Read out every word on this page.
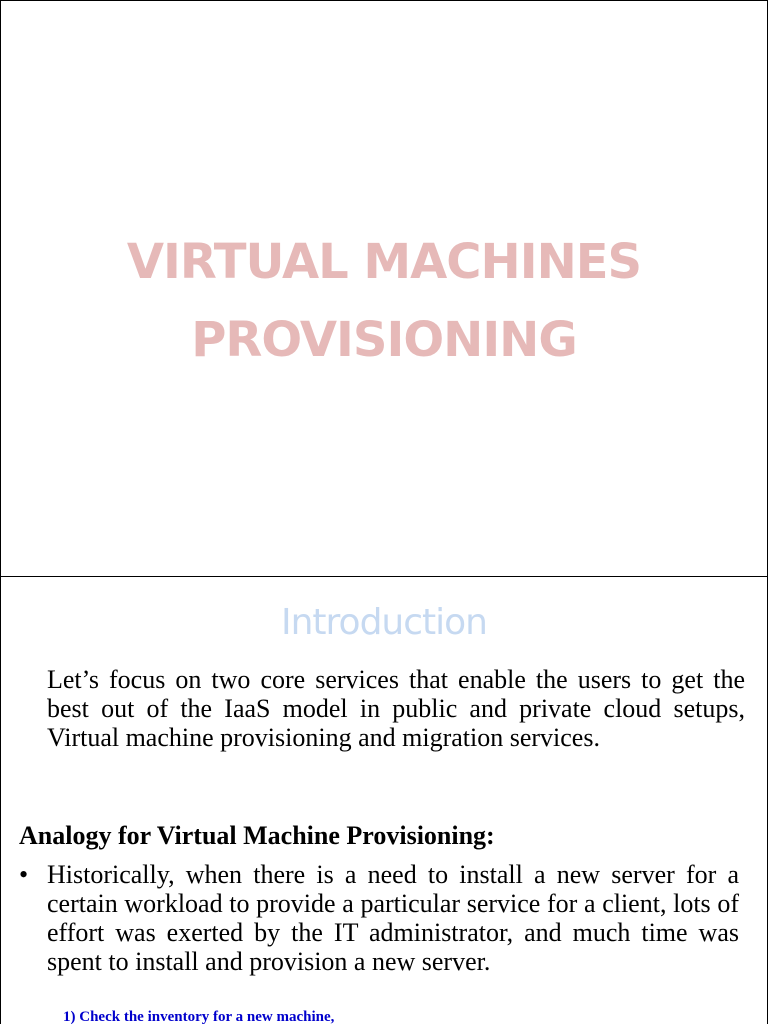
VIRTUAL MACHINES
PROVISIONING
Introduction
Let’s focus on two core services that enable the users to get the best out of the IaaS model in public and private cloud setups, Virtual machine provisioning and migration services.
Analogy for Virtual Machine Provisioning:
• Historically, when there is a need to install a new server for a certain workload to provide a particular service for a client, lots of effort was exerted by the IT administrator, and much time was spent to install and provision a new server.
1) Check the inventory for a new machine,
